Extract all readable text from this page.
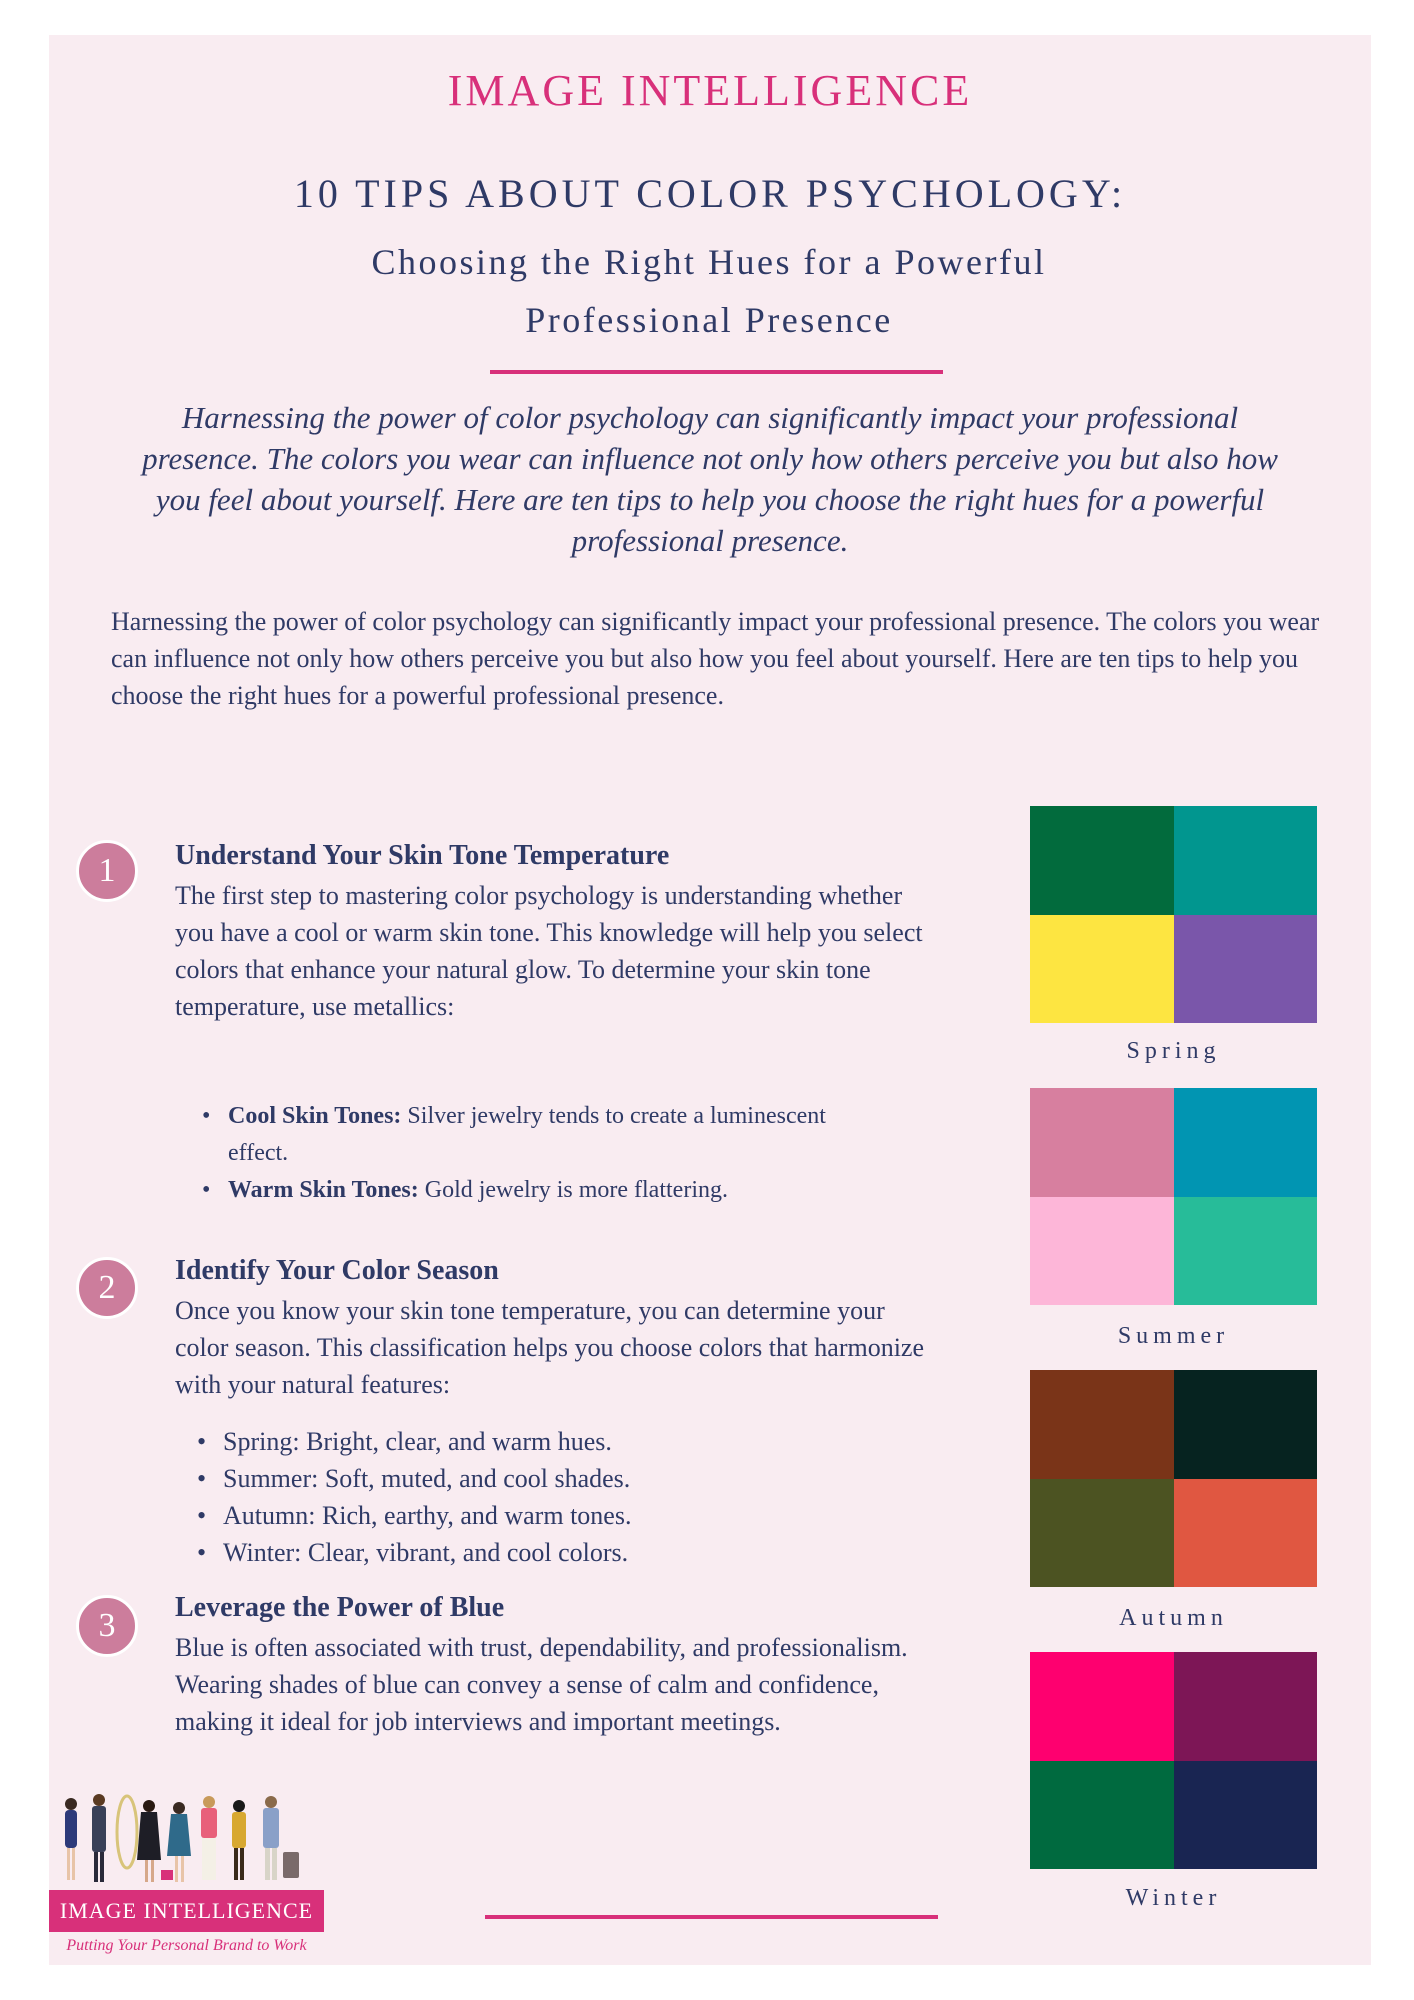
IMAGE INTELLIGENCE
10 TIPS ABOUT COLOR PSYCHOLOGY:
Choosing the Right Hues for a Powerful Professional Presence
Harnessing the power of color psychology can significantly impact your professional presence. The colors you wear can influence not only how others perceive you but also how you feel about yourself. Here are ten tips to help you choose the right hues for a powerful professional presence.
Harnessing the power of color psychology can significantly impact your professional presence. The colors you wear can influence not only how others perceive you but also how you feel about yourself. Here are ten tips to help you choose the right hues for a powerful professional presence.
1	Understand Your Skin Tone Temperature
The first step to mastering color psychology is understanding whether you have a cool or warm skin tone. This knowledge will help you select colors that enhance your natural glow. To determine your skin tone temperature, use metallics:
• Cool Skin Tones: Silver jewelry tends to create a luminescent effect.
• Warm Skin Tones: Gold jewelry is more flattering.
2	Identify Your Color Season
Once you know your skin tone temperature, you can determine your color season. This classification helps you choose colors that harmonize with your natural features:
• Spring: Bright, clear, and warm hues.
• Summer: Soft, muted, and cool shades.
• Autumn: Rich, earthy, and warm tones.
• Winter: Clear, vibrant, and cool colors.
3	Leverage the Power of Blue
Blue is often associated with trust, dependability, and professionalism. Wearing shades of blue can convey a sense of calm and confidence, making it ideal for job interviews and important meetings.
Spring
Summer
Autumn
Winter
IMAGE INTELLIGENCE
Putting Your Personal Brand to Work
